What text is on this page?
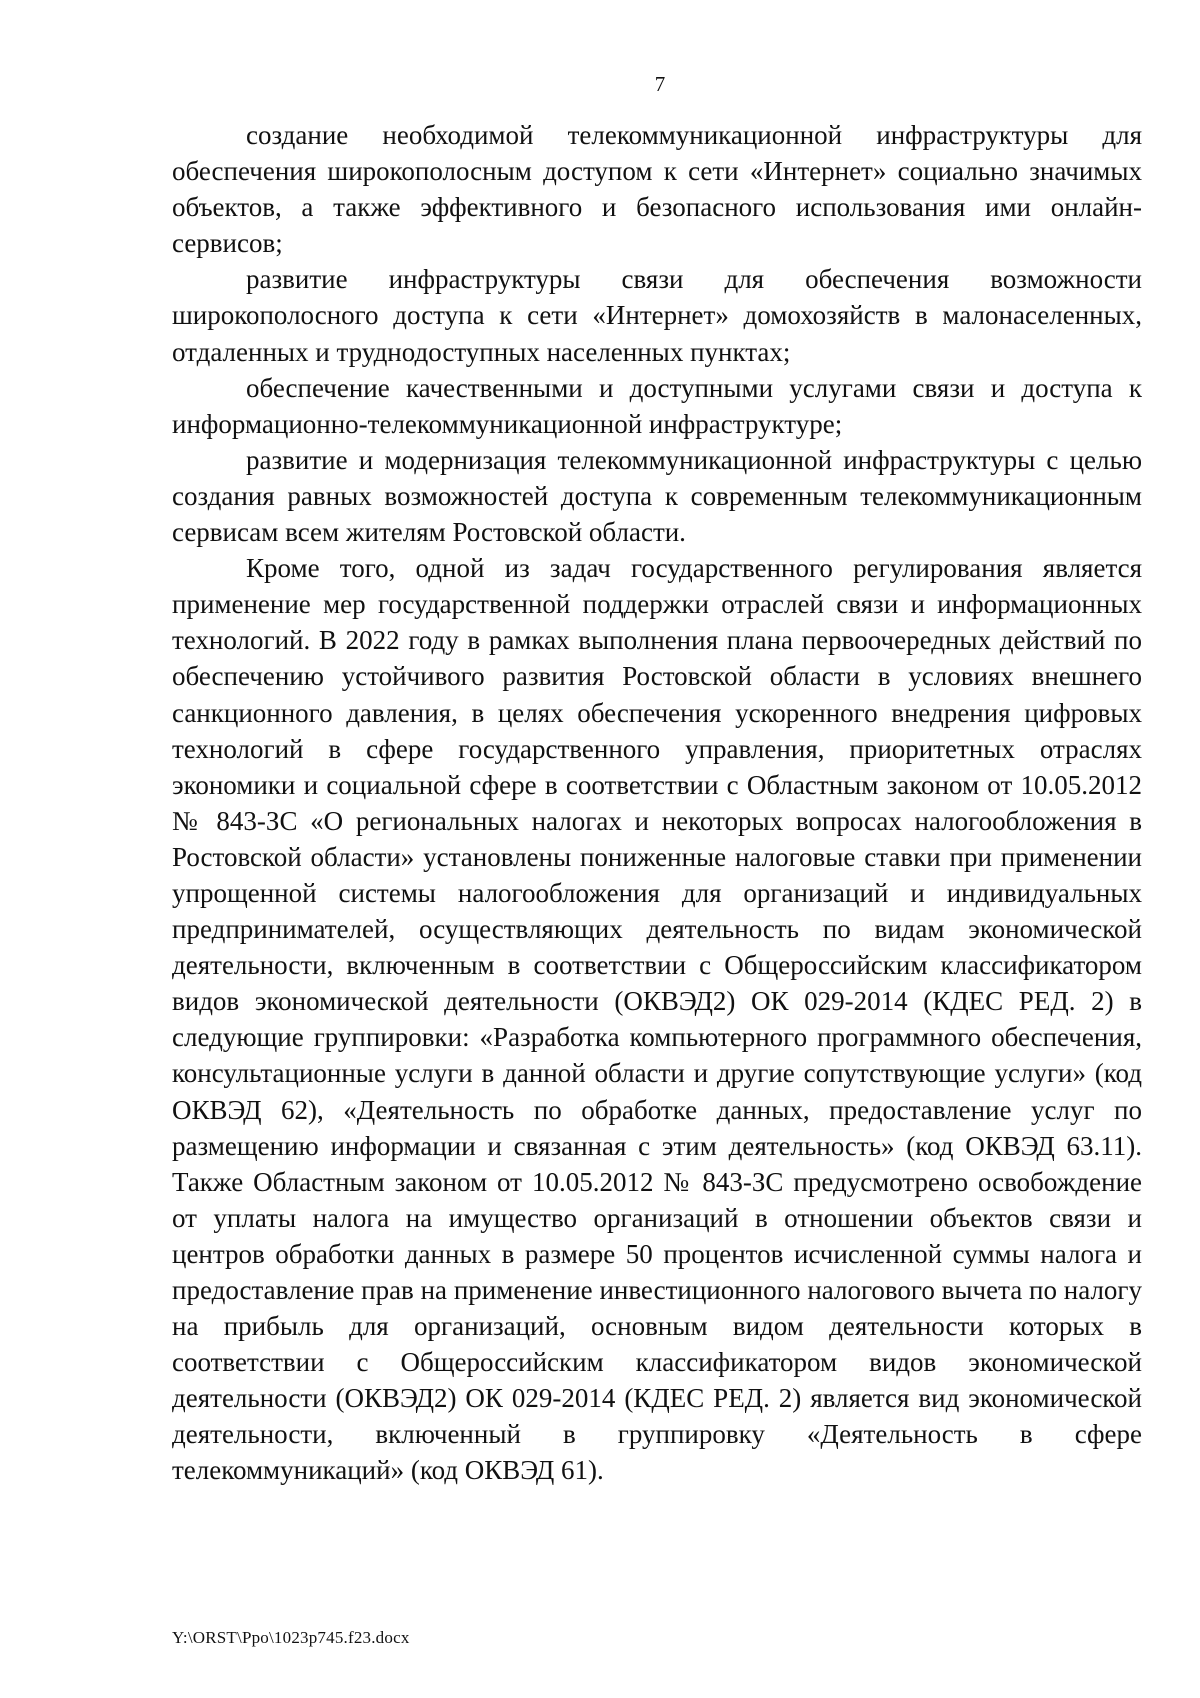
7

создание необходимой телекоммуникационной инфраструктуры для обеспечения широкополосным доступом к сети «Интернет» социально значимых объектов, а также эффективного и безопасного использования ими онлайн-сервисов;

развитие инфраструктуры связи для обеспечения возможности широкополосного доступа к сети «Интернет» домохозяйств в малонаселенных, отдаленных и труднодоступных населенных пунктах;

обеспечение качественными и доступными услугами связи и доступа к информационно-телекоммуникационной инфраструктуре;

развитие и модернизация телекоммуникационной инфраструктуры с целью создания равных возможностей доступа к современным телекоммуникационным сервисам всем жителям Ростовской области.

Кроме того, одной из задач государственного регулирования является применение мер государственной поддержки отраслей связи и информационных технологий. В 2022 году в рамках выполнения плана первоочередных действий по обеспечению устойчивого развития Ростовской области в условиях внешнего санкционного давления, в целях обеспечения ускоренного внедрения цифровых технологий в сфере государственного управления, приоритетных отраслях экономики и социальной сфере в соответствии с Областным законом от 10.05.2012 № 843-ЗС «О региональных налогах и некоторых вопросах налогообложения в Ростовской области» установлены пониженные налоговые ставки при применении упрощенной системы налогообложения для организаций и индивидуальных предпринимателей, осуществляющих деятельность по видам экономической деятельности, включенным в соответствии с Общероссийским классификатором видов экономической деятельности (ОКВЭД2) ОК 029-2014 (КДЕС РЕД. 2) в следующие группировки: «Разработка компьютерного программного обеспечения, консультационные услуги в данной области и другие сопутствующие услуги» (код ОКВЭД 62), «Деятельность по обработке данных, предоставление услуг по размещению информации и связанная с этим деятельность» (код ОКВЭД 63.11). Также Областным законом от 10.05.2012 № 843-ЗС предусмотрено освобождение от уплаты налога на имущество организаций в отношении объектов связи и центров обработки данных в размере 50 процентов исчисленной суммы налога и предоставление прав на применение инвестиционного налогового вычета по налогу на прибыль для организаций, основным видом деятельности которых в соответствии с Общероссийским классификатором видов экономической деятельности (ОКВЭД2) ОК 029-2014 (КДЕС РЕД. 2) является вид экономической деятельности, включенный в группировку «Деятельность в сфере телекоммуникаций» (код ОКВЭД 61).

Y:\ORST\Ppo\1023p745.f23.docx
